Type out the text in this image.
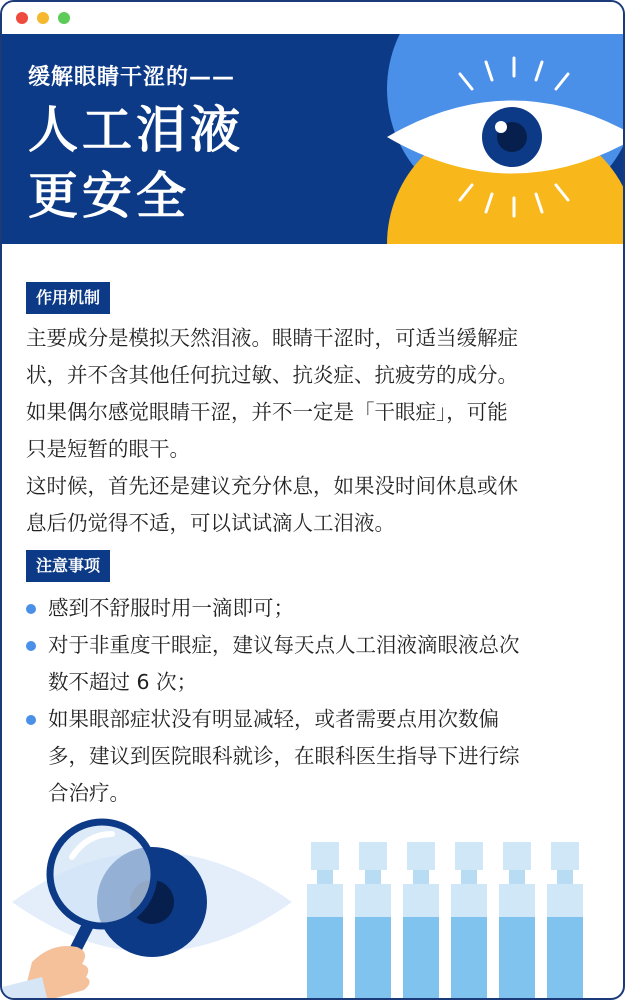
缓解眼睛干涩的——
人工泪液
更安全
作用机制
主要成分是模拟天然泪液。眼睛干涩时，可适当缓解症
状，并不含其他任何抗过敏、抗炎症、抗疲劳的成分。
如果偶尔感觉眼睛干涩，并不一定是「干眼症」，可能
只是短暂的眼干。
这时候，首先还是建议充分休息，如果没时间休息或休
息后仍觉得不适，可以试试滴人工泪液。
注意事项
感到不舒服时用一滴即可；
对于非重度干眼症，建议每天点人工泪液滴眼液总次
数不超过 6 次；
如果眼部症状没有明显减轻，或者需要点用次数偏
多，建议到医院眼科就诊，在眼科医生指导下进行综
合治疗。
